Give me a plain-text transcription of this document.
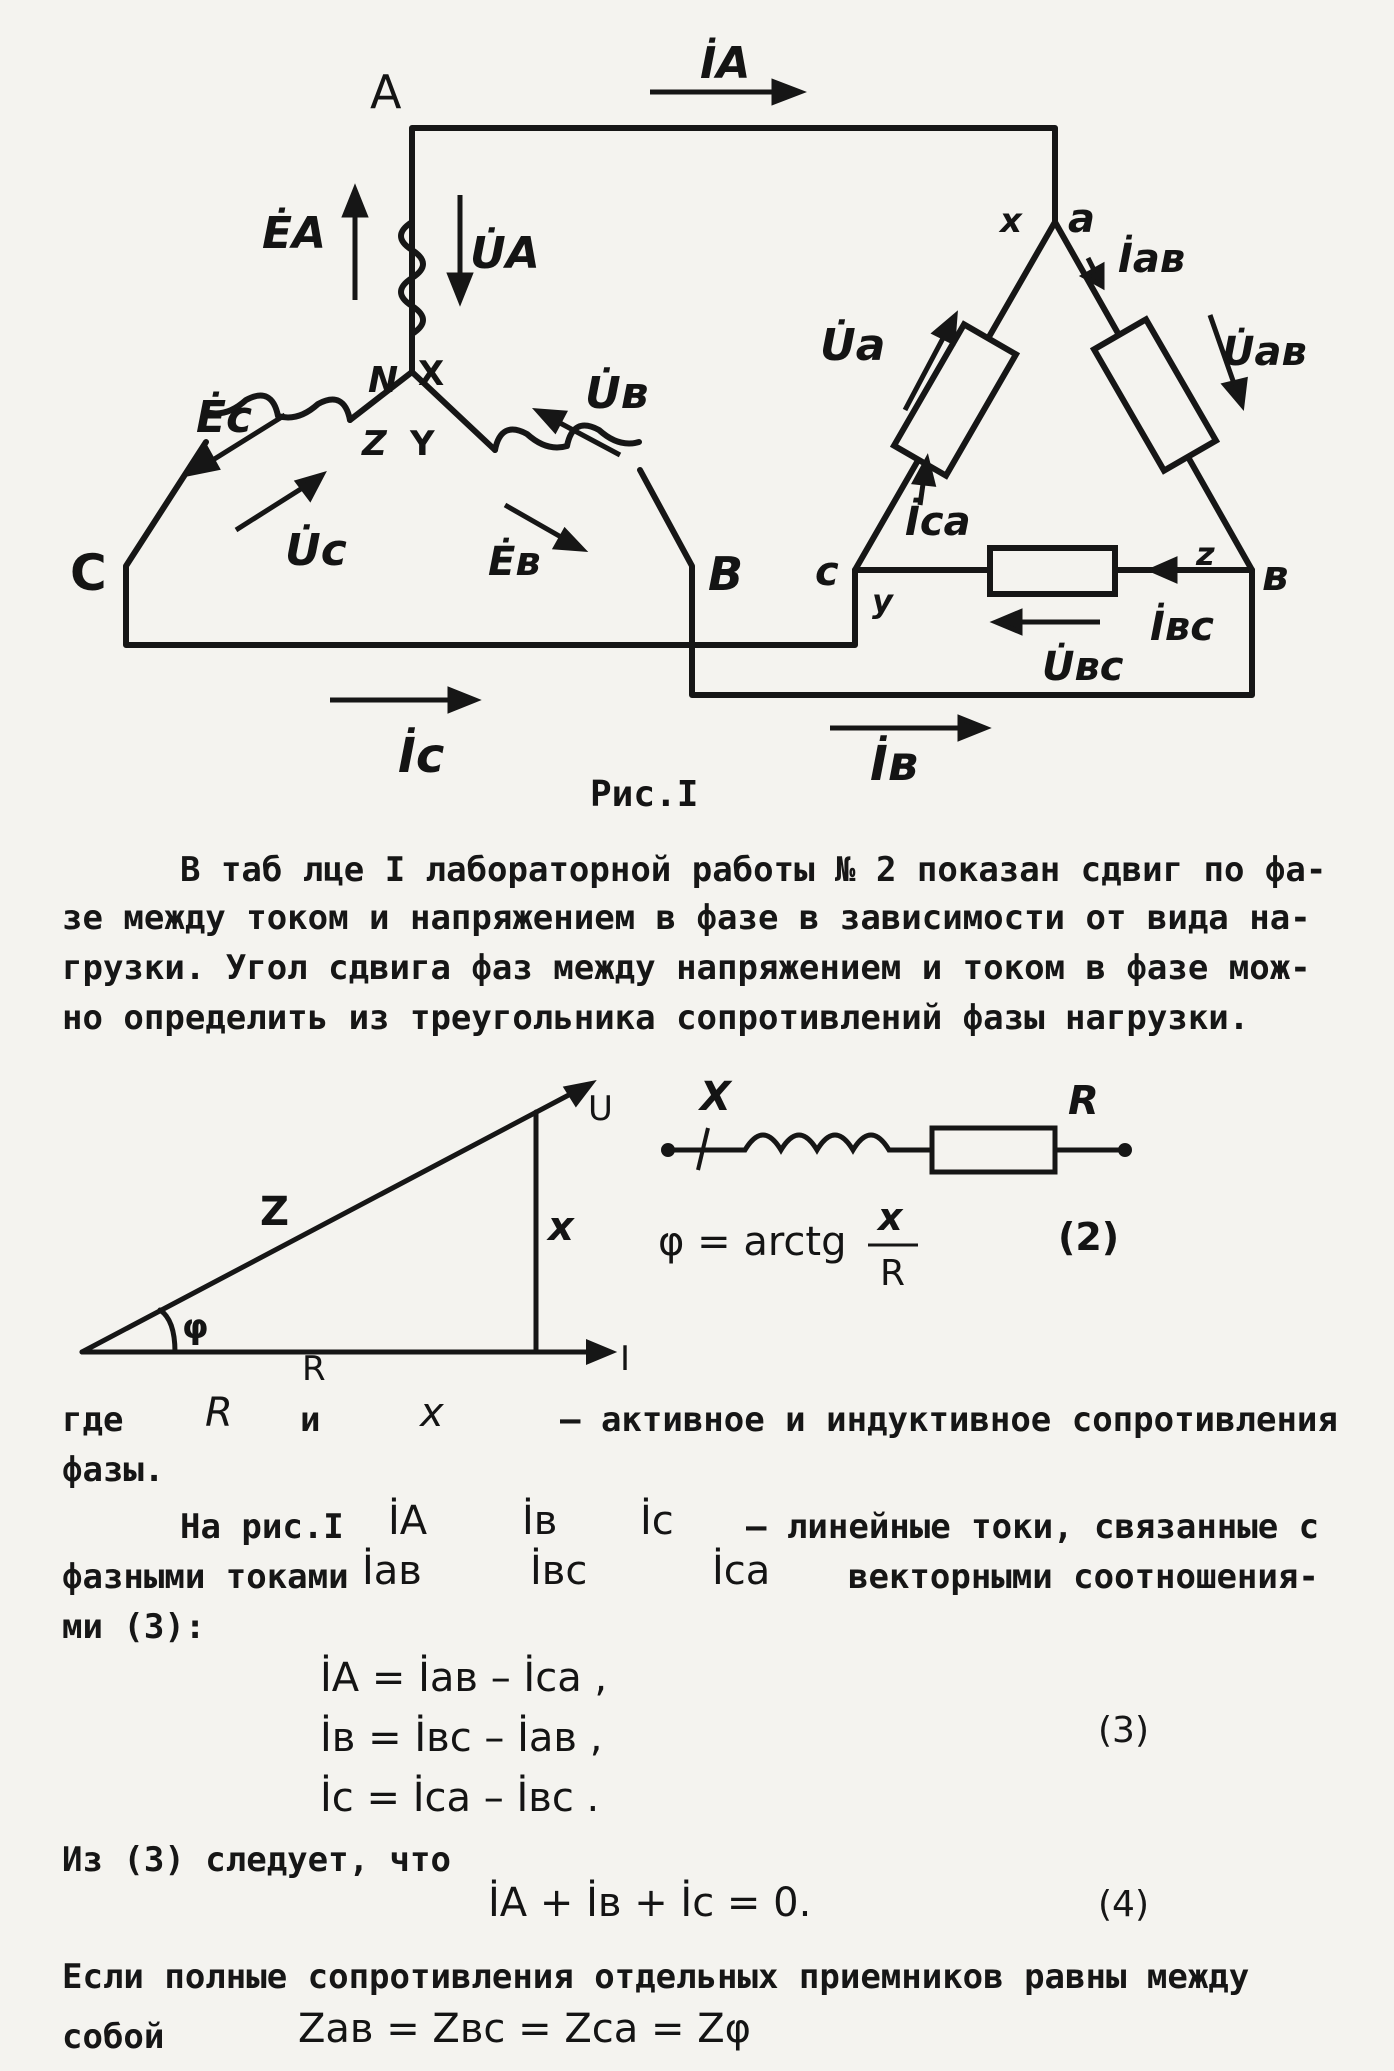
A
İA
ĖA	U̇A
N X
Z Y
Ėc
U̇c
U̇в
Ėв
C	B
x a
İав
U̇ав
U̇a
İca
c
y
z в
İвc
U̇вc
İc	İв
Рис.I
В таб лце I лабораторной работы № 2 показан сдвиг по фа-
зе между током и напряжением в фазе в зависимости от вида на-
грузки. Угол сдвига фаз между напряжением и током в фазе мож-
но определить из треугольника сопротивлений фазы нагрузки.
Z
φ
R
x
U
I
X	R
φ = arctg
x
R
(2)
где R и x	– активное и индуктивное сопротивления
фазы.
На рис.I İA İв İc – линейные токи, связанные с
фазными токами İaв	İвc	İca векторными соотношения-
ми (3):
İA = İaв – İca ,
İв = İвc – İaв ,
İc = İca – İвc .
(3)
Из (3) следует, что
İA + İв + İc = 0.	(4)
Если полные сопротивления отдельных приемников равны между
собой	Zaв = Zвc = Zca = Zφ
